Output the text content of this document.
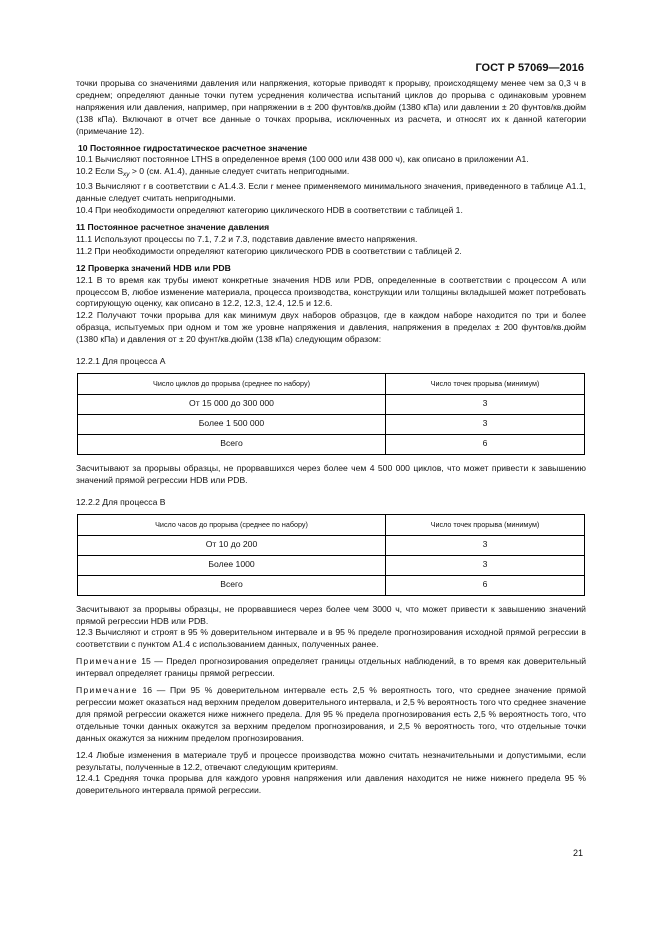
ГОСТ Р 57069—2016

точки прорыва со значениями давления или напряжения, которые приводят к прорыву, происходящему менее чем за 0,3 ч в среднем; определяют данные точки путем усреднения количества испытаний циклов до прорыва с одинаковым уровнем напряжения или давления, например, при напряжении в ± 200 фунтов/кв.дюйм (1380 кПа) или давлении ± 20 фунтов/кв.дюйм (138 кПа). Включают в отчет все данные о точках прорыва, исключенных из расчета, и относят их к данной категории (примечание 12).

10 Постоянное гидростатическое расчетное значение

10.1 Вычисляют постоянное LTHS в определенное время (100 000 или 438 000 ч), как описано в приложении А1.

10.2 Если $S_{xy} > 0$ (см. А1.4), данные следует считать непригодными.

10.3 Вычисляют r в соответствии с А1.4.3. Если r менее применяемого минимального значения, приведенного в таблице А1.1, данные следует считать непригодными.

10.4 При необходимости определяют категорию циклического HDB в соответствии с таблицей 1.

11 Постоянное расчетное значение давления

11.1 Используют процессы по 7.1, 7.2 и 7.3, подставив давление вместо напряжения.

11.2 При необходимости определяют категорию циклического PDB в соответствии с таблицей 2.

12 Проверка значений HDB или PDB

12.1 В то время как трубы имеют конкретные значения HDB или PDB, определенные в соответствии с процессом А или процессом В, любое изменение материала, процесса производства, конструкции или толщины вкладышей может потребовать сортирующую оценку, как описано в 12.2, 12.3, 12.4, 12.5 и 12.6.

12.2 Получают точки прорыва для как минимум двух наборов образцов, где в каждом наборе находится по три и более образца, испытуемых при одном и том же уровне напряжения и давления, напряжения в пределах ± 200 фунтов/кв.дюйм (1380 кПа) и давления от ± 20 фунт/кв.дюйм (138 кПа) следующим образом:

12.2.1 Для процесса А

Число циклов до прорыва (среднее по набору)	Число точек прорыва (минимум)
От 15 000 до 300 000	3
Более 1 500 000	3
Всего	6

Засчитывают за прорывы образцы, не прорвавшихся через более чем 4 500 000 циклов, что может привести к завышению значений прямой регрессии HDB или PDB.

12.2.2 Для процесса В

Число часов до прорыва (среднее по набору)	Число точек прорыва (минимум)
От 10 до 200	3
Более 1000	3
Всего	6

Засчитывают за прорывы образцы, не прорвавшиеся через более чем 3000 ч, что может привести к завышению значений прямой регрессии HDB или PDB.

12.3 Вычисляют и строят в 95 % доверительном интервале и в 95 % пределе прогнозирования исходной прямой регрессии в соответствии с пунктом А1.4 с использованием данных, полученных ранее.

Примечание 15 — Предел прогнозирования определяет границы отдельных наблюдений, в то время как доверительный интервал определяет границы прямой регрессии.

Примечание 16 — При 95 % доверительном интервале есть 2,5 % вероятность того, что среднее значение прямой регрессии может оказаться над верхним пределом доверительного интервала, и 2,5 % вероятность того что среднее значение для прямой регрессии окажется ниже нижнего предела. Для 95 % предела прогнозирования есть 2,5 % вероятность того, что отдельные точки данных окажутся за верхним пределом прогнозирования, и 2,5 % вероятность того, что отдельные точки данных окажутся за нижним пределом прогнозирования.

12.4 Любые изменения в материале труб и процессе производства можно считать незначительными и допустимыми, если результаты, полученные в 12.2, отвечают следующим критериям.

12.4.1 Средняя точка прорыва для каждого уровня напряжения или давления находится не ниже нижнего предела 95 % доверительного интервала прямой регрессии.

21
